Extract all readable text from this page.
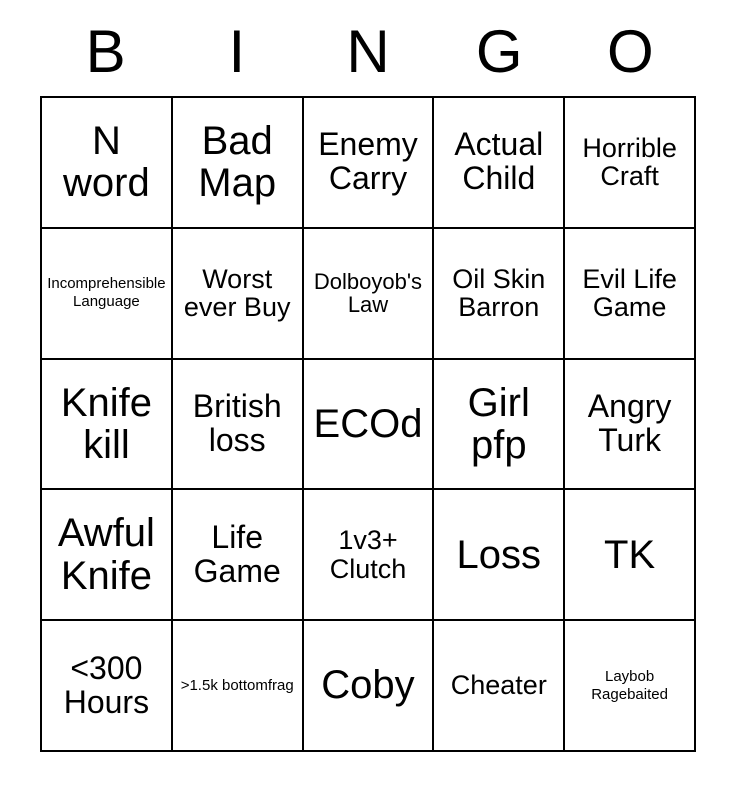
B I N G O
N word
Bad Map
Enemy Carry
Actual Child
Horrible Craft
Incomprehensible Language
Worst ever Buy
Dolboyob's Law
Oil Skin Barron
Evil Life Game
Knife kill
British loss	ECOd	Girl pfp
Angry Turk
Awful Knife
Life Game
1v3+ Clutch	Loss	TK
<300 Hours	>1.5k bottomfrag Coby	Cheater	Laybob Ragebaited
